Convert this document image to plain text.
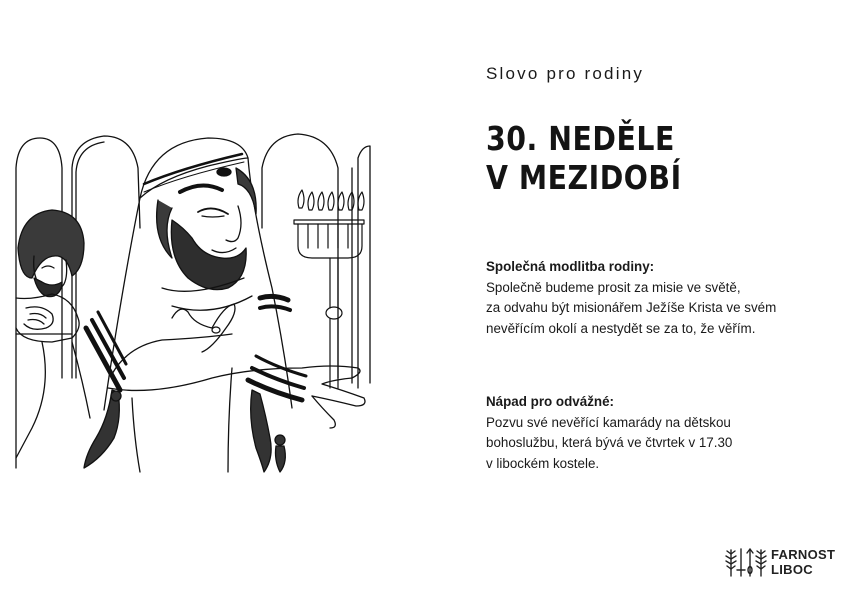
Slovo pro rodiny
30. NEDĚLE
V MEZIDOBÍ
Společná modlitba rodiny:
Společně budeme prosit za misie ve světě,
za odvahu být misionářem Ježíše Krista ve svém
nevěřícím okolí a nestydět se za to, že věřím.
Nápad pro odvážné:
Pozvu své nevěřící kamarády na dětskou
bohoslužbu, která bývá ve čtvrtek v 17.30
v libockém kostele.
FARNOST
LIBOC
